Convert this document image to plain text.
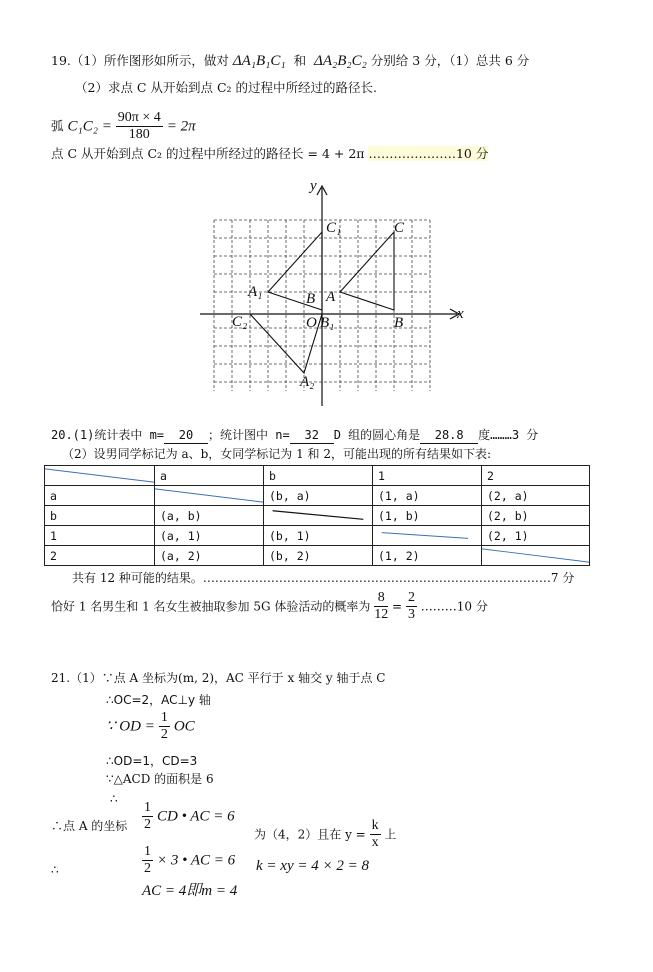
19.（1）所作图形如所示，做对 ΔA₁B₁C₁ 和 ΔA₂B₂C₂ 分别给 3 分，（1）总共 6 分
（2）求点 C 从开始到点 C₂ 的过程中所经过的路径长.
弧 $C_1C_2 = \frac{90\pi \times 4}{180} = 2\pi$
点 C 从开始到点 C₂ 的过程中所经过的路径长 = 4 + 2π …………………10 分
y
x
C₁	C
A₁	B A
C₂	O B₁	B
A₂
20.(1)统计表中 m= 20 ；统计图中 n= 32 D 组的圆心角是 28.8 度………3 分
（2）设男同学标记为 a、b，女同学标记为 1 和 2，可能出现的所有结果如下表:
	a	b	1	2
a		(b, a)	(1, a)	(2, a)
b	(a, b)		(1, b)	(2, b)
1	(a, 1)	(b, 1)		(2, 1)
2	(a, 2)	(b, 2)	(1, 2)	
共有 12 种可能的结果。……………………………………………………………………………7 分
恰好 1 名男生和 1 名女生被抽取参加 5G 体验活动的概率为 $\frac{8}{12} = \frac{2}{3}$ ………10 分
21.（1）∵点 A 坐标为(m, 2)，AC 平行于 x 轴交 y 轴于点 C
∴OC=2，AC⊥y 轴
∵ OD = $\frac{1}{2}$ OC
∴OD=1，CD=3
∵△ACD 的面积是 6
∴
∴点 A 的坐标 $\frac{1}{2}$ CD • AC = 6
为（4，2）且在 $y = \frac{k}{x}$ 上
∴	$\frac{1}{2} \times 3$ • AC = 6 k = xy = 4 × 2 = 8
AC = 4即m = 4
